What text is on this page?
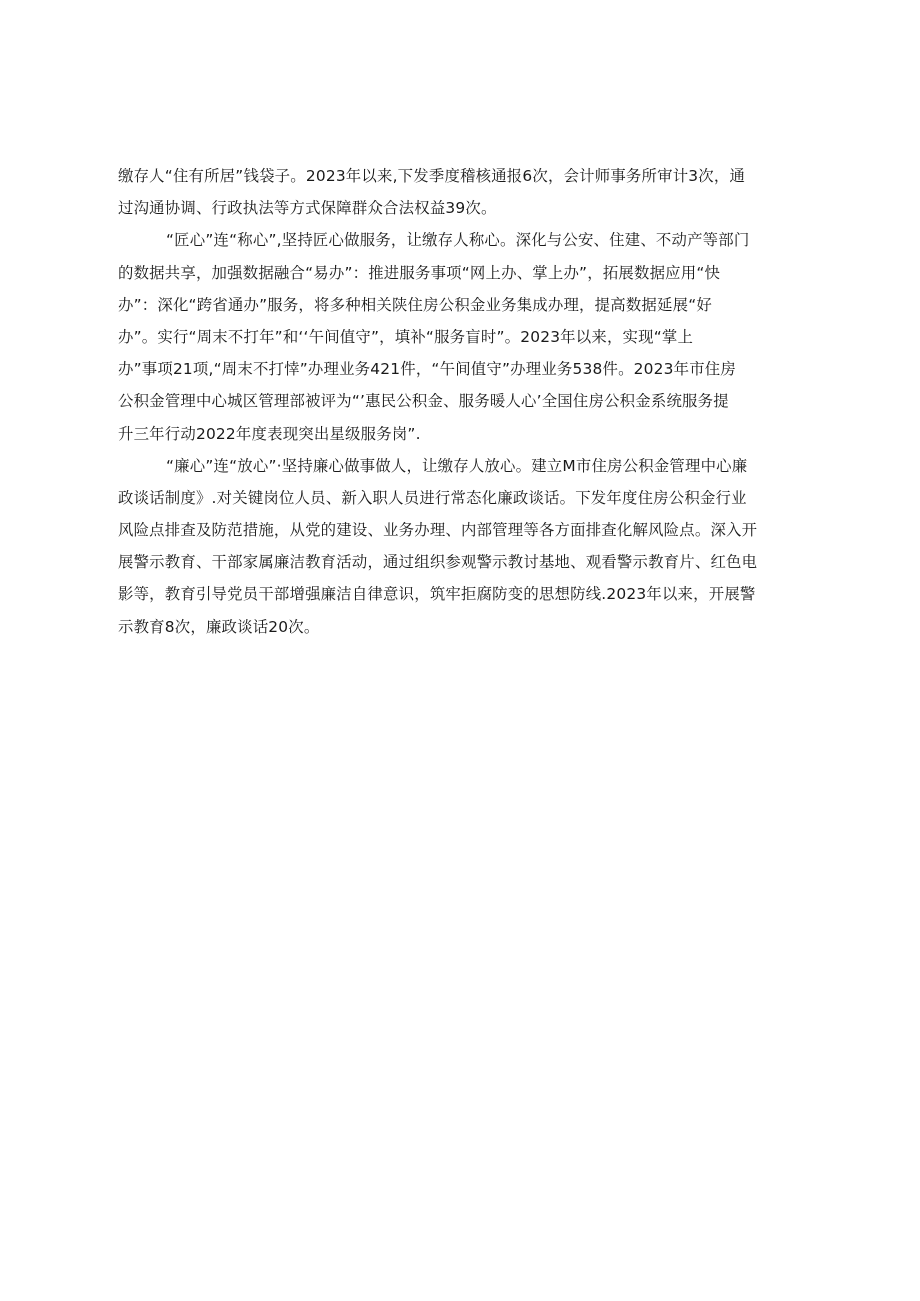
缴存人“住有所居”钱袋子。2023年以来,下发季度稽核通报6次，会计师事务所审计3次，通
过沟通协调、行政执法等方式保障群众合法权益39次。
“匠心”连“称心”,坚持匠心做服务，让缴存人称心。深化与公安、住建、不动产等部门
的数据共享，加强数据融合“易办”：推进服务事项“网上办、掌上办”，拓展数据应用“快
办”：深化“跨省通办”服务，将多种相关陕住房公积金业务集成办理，提高数据延展“好
办”。实行“周末不打年”和‘‘午间值守”，填补“服务盲时”。2023年以来，实现“掌上
办”事项21项,“周末不打悻”办理业务421件，“午间值守”办理业务538件。2023年市住房
公积金管理中心城区管理部被评为“’惠民公积金、服务暖人心’全国住房公积金系统服务提
升三年行动2022年度表现突出星级服务岗”.
“廉心”连“放心”·坚持廉心做事做人，让缴存人放心。建立M市住房公积金管理中心廉
政谈话制度》.对关键岗位人员、新入职人员进行常态化廉政谈话。下发年度住房公积金行业
风险点排查及防范措施，从党的建设、业务办理、内部管理等各方面排查化解风险点。深入开
展警示教育、干部家属廉洁教育活动，通过组织参观警示教讨基地、观看警示教育片、红色电
影等，教育引导党员干部增强廉洁自律意识，筑牢拒腐防变的思想防线.2023年以来，开展警
示教育8次，廉政谈话20次。
